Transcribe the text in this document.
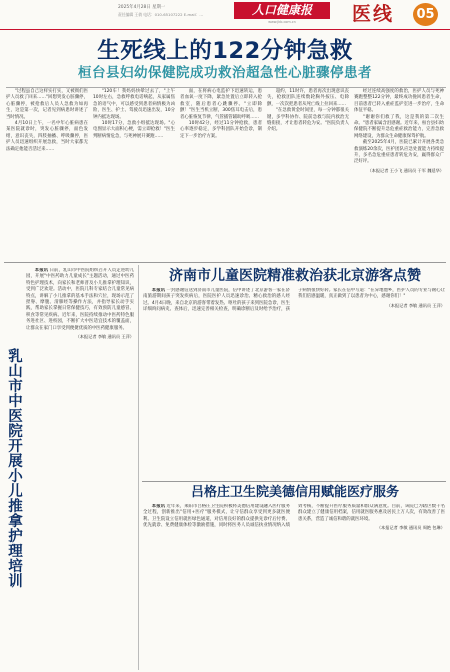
2025年4月28日 星期一
责任编辑 王倩 电话：010-65107222 E-mail：...	人口健康报
www.jkb.com.cn	医线 05
生死线上的122分钟急救
桓台县妇幼保健院成功救治超急性心脏骤停患者

"过程虽自己这样实打实，又被彻们医护人员救了回来……"回想突发心脏骤停，心脏骤停，被抢救后人员人急救为如再生，这是第一次，记者见到病患时讲述了当时情况。

4月10日上午，一名中年心脏病患在某医院就诊时，突发心脏骤停，面色发绀，意识丧失，四肢抽搐、呼吸骤停，医护人员迅速组织开展急救，当时大家都无法确定他能否活过来……

"120车！我妈妈快晕过去了，"上午10时左右，急救呼救电话响起，从家属焦急的语气中，可以感受到患者病情极为凶险，医生、护士、驾驶员迅速出发，10分钟内抵达现场。

10时17分，急救小组抵达现场。"心电图显示大面积心梗，需立即抢救！"医生判断病情危急，与死神展开赛跑……

面，在将病心电监护下迅速转运，患者血氧一度下降，紧急处置后立即转入抢救室，随后患者心跳骤停。"立即除颤！"医生当机立断，300焦耳电击后，患者心脏恢复节律，气管插管辅助呼吸……

10时42分，经过11分钟抢救，患者心率逐步稳定，多学科团队开始会诊，制定下一步治疗方案。

超约，11时许，患者再次出现意识丧失，抢救团队连续数轮胸外按压、电除颤，一次次把患者从死亡线上拉回来……

"在急救黄金时间里，每一分钟都很关键，多学科协作、院前急救与院内救治无缝衔接，才让患者转危为安。"医院负责人介绍。

经过连续高强度的救治，医护人员与死神赛跑整整122分钟，最终成功挽回患者生命，目前患者已转入重症监护室进一步治疗，生命体征平稳。

"谢谢你们救了我，这是我的第二次生命。"患者家属含泪感谢。近年来，桓台县妇幼保健院不断提升急危重症救治能力，完善急救网络建设，为群众生命健康保驾护航。

截至2025年4月，医院已累计开展各类急救演练20余次，医护团队应急处置能力持续提升，多名急危重症患者转危为安，赢得群众广泛好评。

（本报记者 王小飞 通讯员 于军 魏延华）
乳山市中医院开展小儿推拿护理培训

本报讯 日前，乳山市中医院组织召开人员走进幼儿园，开展"中医药助力儿童成长"主题活动，通过中医药特色护理技术，向家长和老师普及小儿推拿护理知识，受到广泛欢迎。活动中，医院儿科专家结合儿童常见病特点，讲解了小儿推拿的基本手法和穴位，现场示范了捏脊、摩腹、清肺经等操作方法，并指导家长动手实践，帮助家长掌握日常保健技巧，有效预防儿童感冒、积食等常见疾病。近年来，医院持续推动中医药特色服务进社区、进校园，不断扩大中医适宜技术的覆盖面，让群众在家门口享受到便捷优质的中医药健康服务。

（本报记者 李敏 通讯员 王萍）
济南市儿童医院精准救治获北京游客点赞

本报讯 一封感谢信送到济南市儿童医院，信中讲述了北京游客一家在济南旅游期间孩子突发疾病后，医院医护人员迅速诊治、精心救治的感人经过。4月4日晚，来自北京的游客带着发热、呕吐的孩子来到医院急诊，医生详细询问病史、查体后，迅速完善相关检查，明确诊断后及时给予治疗，孩子病情很快好转。家长在信中写道："在异地他乡，医护人员的专业与耐心让我们倍感温暖，真正做到了以患者为中心，感谢你们！"

（本报记者 李敏 通讯员 王萍）
吕格庄卫生院美德信用赋能医疗服务

本报讯 近年来，莱阳市吕格庄卫生院积极将美德信用建设融入医疗服务全过程，创新推出"信用+医疗"服务模式，让守信群众享受到更多就医便利。卫生院设立信用就医绿色通道，对信用良好的群众提供先诊疗后付费、优先就诊、免费健康体检等激励措施，同时将医务人员诚信执业情况纳入绩效考核，不断提升医疗服务质量和群众满意度。目前，该院已为辖区数千名群众建立了健康信用档案，信用就医服务惠及居民上万人次，有效改善了医患关系，营造了诚信和谐的就医环境。

（本报记者 李敏 通讯员 周艳 包琳）
